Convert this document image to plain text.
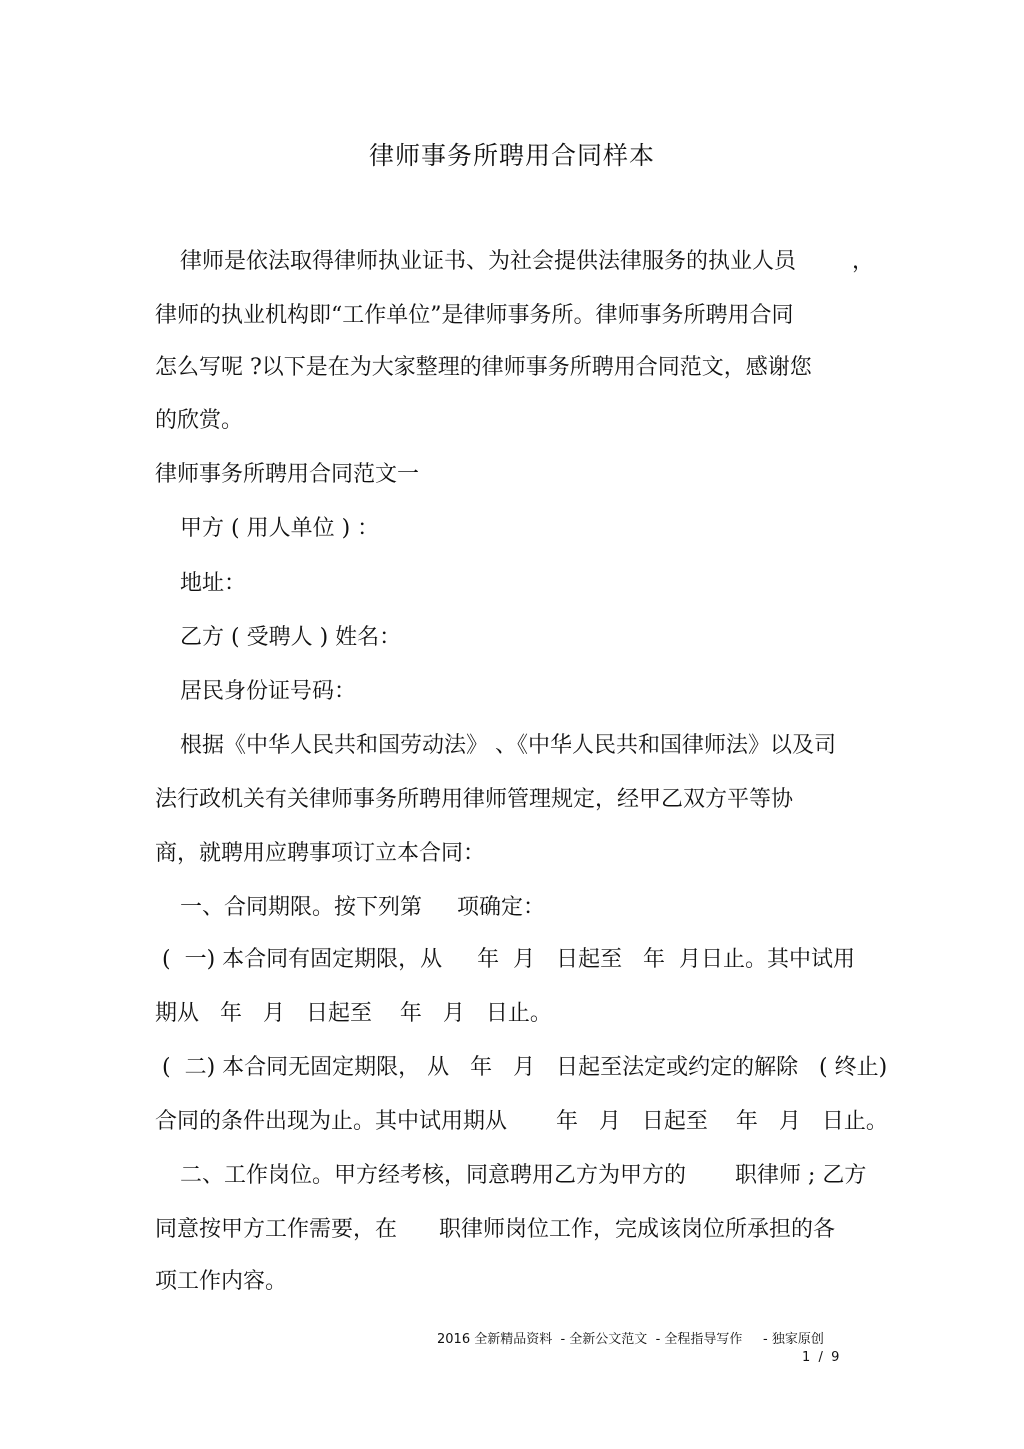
律师事务所聘用合同样本
律师是依法取得律师执业证书、为社会提供法律服务的执业人员        ，
律师的执业机构即“工作单位”是律师事务所。律师事务所聘用合同
怎么写呢 ?以下是在为大家整理的律师事务所聘用合同范文，感谢您
的欣赏。
律师事务所聘用合同范文一
甲方 ( 用人单位 ) ：
地址：
乙方 ( 受聘人 ) 姓名：
居民身份证号码：
根据《中华人民共和国劳动法》 、《中华人民共和国律师法》以及司
法行政机关有关律师事务所聘用律师管理规定，经甲乙双方平等协
商，就聘用应聘事项订立本合同：
一、合同期限。按下列第     项确定：
(  一) 本合同有固定期限，从     年  月   日起至   年  月日止。其中试用
期从   年   月   日起至    年   月   日止。
(  二) 本合同无固定期限， 从   年   月   日起至法定或约定的解除   ( 终止)
合同的条件出现为止。其中试用期从       年   月   日起至    年   月   日止。
二、工作岗位。甲方经考核，同意聘用乙方为甲方的       职律师 ; 乙方
同意按甲方工作需要，在      职律师岗位工作，完成该岗位所承担的各
项工作内容。
2016 全新精品资料  - 全新公文范文  - 全程指导写作     - 独家原创
1  /  9
